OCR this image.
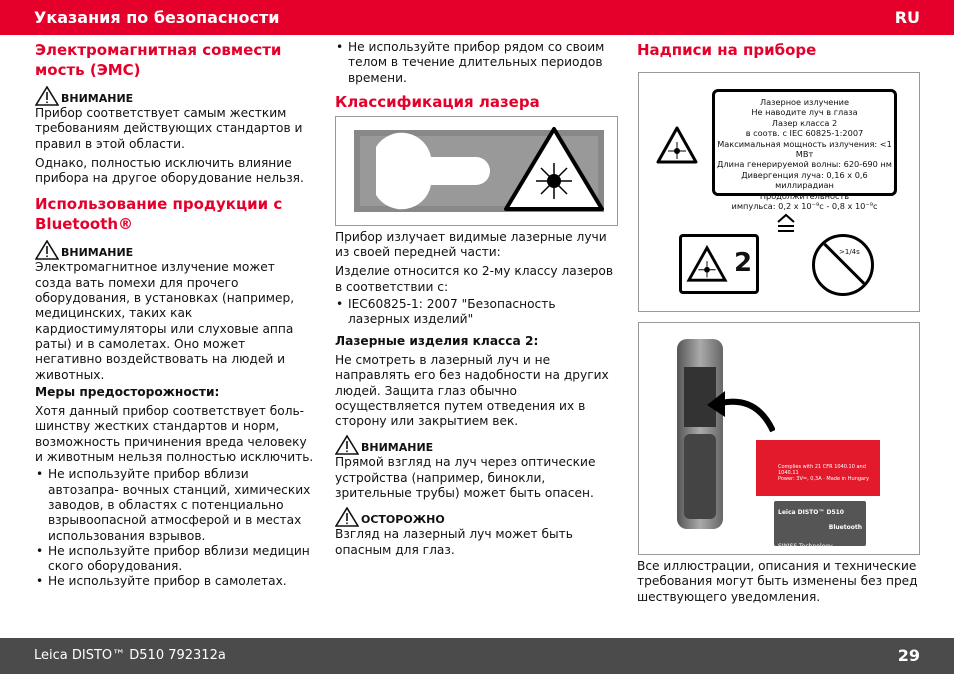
Указания по безопасности	RU
Электромагнитная совмести мость (ЭМС)
ВНИМАНИЕ

Прибор соответствует самым жестким требованиям действующих стандартов и правил в этой области.

Однако, полностью исключить влияние прибора на другое оборудование нельзя.

Использование продукции с Bluetooth®
ВНИМАНИЕ

Электромагнитное излучение может созда вать помехи для прочего оборудования, в установках (например, медицинских, таких как кардиостимуляторы или слуховые аппа раты) и в самолетах. Оно может негативно воздействовать на людей и животных.

Меры предосторожности:

Хотя данный прибор соответствует боль- шинству жестких стандартов и норм, возможность причинения вреда человеку и животным нельзя полностью исключить.

• Не используйте прибор вблизи автозапра- вочных станций, химических заводов, в областях с потенциально взрывоопасной атмосферой и в местах использования взрывов.
• Не используйте прибор вблизи медицин ского оборудования.
• Не используйте прибор в самолетах.
• Не используйте прибор рядом со своим телом в течение длительных периодов времени.
Классификация лазера

Прибор излучает видимые лазерные лучи из своей передней части:

Изделие относится ко 2-му классу лазеров в соответствии с:

• IEC60825-1: 2007 "Безопасность лазерных изделий"

Лазерные изделия класса 2:

Не смотреть в лазерный луч и не направлять его без надобности на других людей. Защита глаз обычно осуществляется путем отведения их в сторону или закрытием век.

ВНИМАНИЕ

Прямой взгляд на луч через оптические устройства (например, бинокли, зрительные трубы) может быть опасен.

ОСТОРОЖНО

Взгляд на лазерный луч может быть опасным для глаз.

Надписи на приборе
Лазерное излучение
Не наводите луч в глаза
Лазер класса 2
в соотв. с IEC 60825-1:2007
Максимальная мощность излучения: <1 МВт
Длина генерируемой волны: 620-690 нм
Дивергенция луча: 0,16 x 0,6 миллирадиан
Продолжительность
импульса: 0,2 x 10⁻⁹с - 0,8 x 10⁻⁹с
2	>1/4s
Complies with 21 CFR 1040.10 and 1040.11
Power: 3V=, 0,3A · Made in Hungary
Leica DISTO™ D510
Bluetooth
SWISS Technology

Все иллюстрации, описания и технические требования могут быть изменены без пред шествующего уведомления.

Leica DISTO™ D510 792312a	29
